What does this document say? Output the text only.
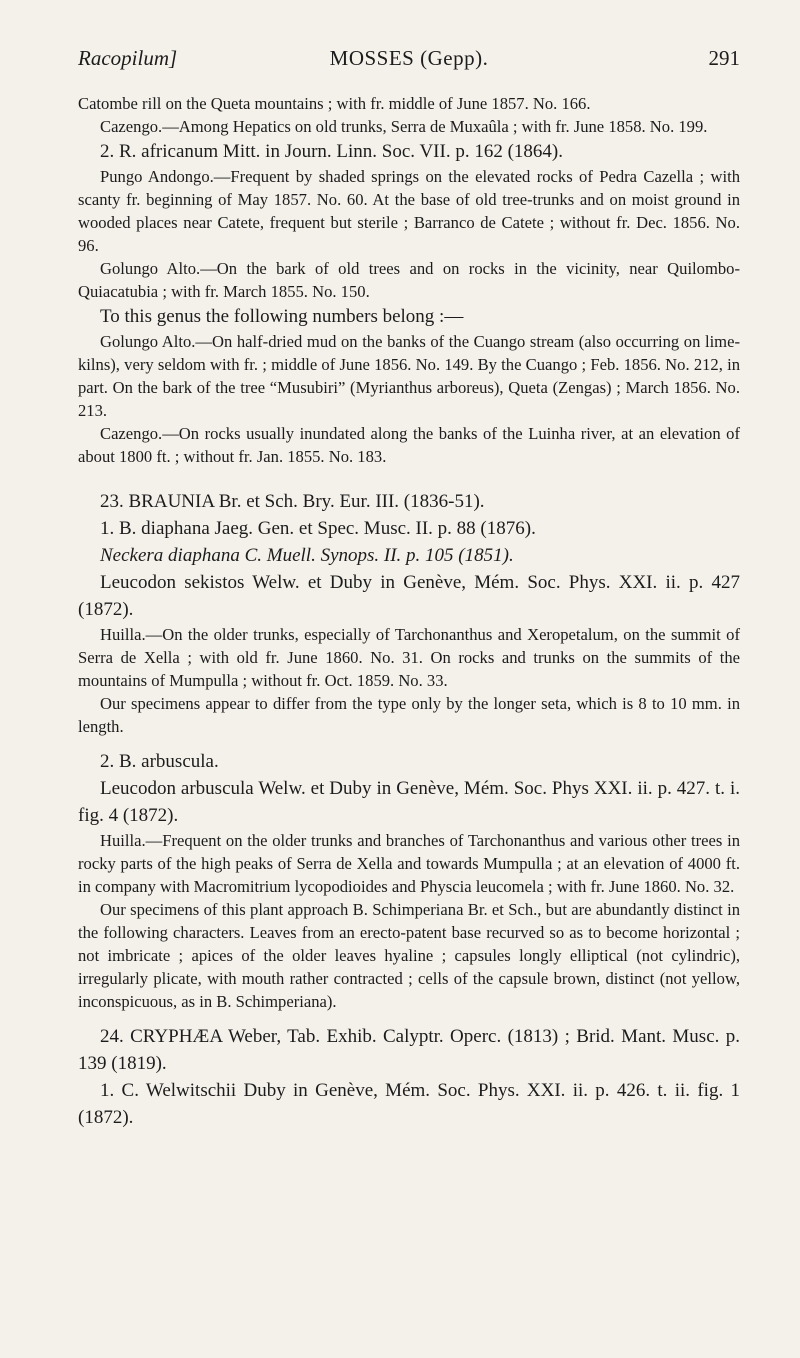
Racopilum]	MOSSES (Gepp).	291

Catombe rill on the Queta mountains ; with fr. middle of June 1857. No. 166.

Cazengo.—Among Hepatics on old trunks, Serra de Muxaûla ; with fr. June 1858. No. 199.

2. R. africanum Mitt. in Journ. Linn. Soc. VII. p. 162 (1864).

Pungo Andongo.—Frequent by shaded springs on the elevated rocks of Pedra Cazella ; with scanty fr. beginning of May 1857. No. 60. At the base of old tree-trunks and on moist ground in wooded places near Catete, frequent but sterile ; Barranco de Catete ; without fr. Dec. 1856. No. 96.

Golungo Alto.—On the bark of old trees and on rocks in the vicinity, near Quilombo-Quiacatubia ; with fr. March 1855. No. 150.

To this genus the following numbers belong :—

Golungo Alto.—On half-dried mud on the banks of the Cuango stream (also occurring on lime-kilns), very seldom with fr. ; middle of June 1856. No. 149. By the Cuango ; Feb. 1856. No. 212, in part. On the bark of the tree “Musubiri” (Myrianthus arboreus), Queta (Zengas) ; March 1856. No. 213.

Cazengo.—On rocks usually inundated along the banks of the Luinha river, at an elevation of about 1800 ft. ; without fr. Jan. 1855. No. 183.

23. BRAUNIA Br. et Sch. Bry. Eur. III. (1836-51).

1. B. diaphana Jaeg. Gen. et Spec. Musc. II. p. 88 (1876).

Neckera diaphana C. Muell. Synops. II. p. 105 (1851).

Leucodon sekistos Welw. et Duby in Genève, Mém. Soc. Phys. XXI. ii. p. 427 (1872).

Huilla.—On the older trunks, especially of Tarchonanthus and Xeropetalum, on the summit of Serra de Xella ; with old fr. June 1860. No. 31. On rocks and trunks on the summits of the mountains of Mumpulla ; without fr. Oct. 1859. No. 33.

Our specimens appear to differ from the type only by the longer seta, which is 8 to 10 mm. in length.

2. B. arbuscula.

Leucodon arbuscula Welw. et Duby in Genève, Mém. Soc. Phys XXI. ii. p. 427. t. i. fig. 4 (1872).

Huilla.—Frequent on the older trunks and branches of Tarchonanthus and various other trees in rocky parts of the high peaks of Serra de Xella and towards Mumpulla ; at an elevation of 4000 ft. in company with Macromitrium lycopodioides and Physcia leucomela ; with fr. June 1860. No. 32.

Our specimens of this plant approach B. Schimperiana Br. et Sch., but are abundantly distinct in the following characters. Leaves from an erecto-patent base recurved so as to become horizontal ; not imbricate ; apices of the older leaves hyaline ; capsules longly elliptical (not cylindric), irregularly plicate, with mouth rather contracted ; cells of the capsule brown, distinct (not yellow, inconspicuous, as in B. Schimperiana).

24. CRYPHÆA Weber, Tab. Exhib. Calyptr. Operc. (1813) ; Brid. Mant. Musc. p. 139 (1819).

1. C. Welwitschii Duby in Genève, Mém. Soc. Phys. XXI. ii. p. 426. t. ii. fig. 1 (1872).
